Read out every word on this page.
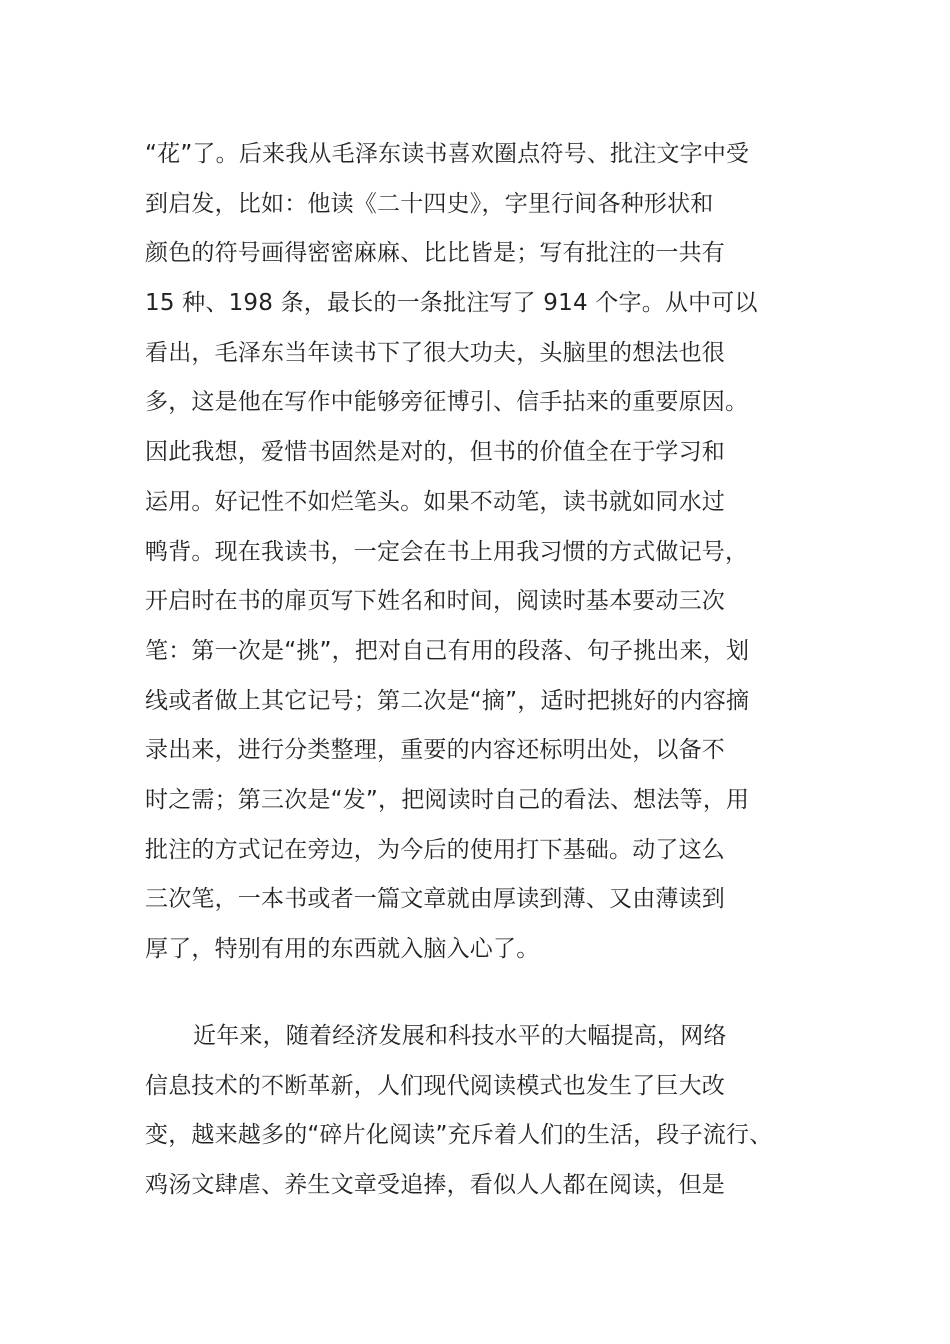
“花”了。后来我从毛泽东读书喜欢圈点符号、批注文字中受
到启发，比如：他读《二十四史》，字里行间各种形状和
颜色的符号画得密密麻麻、比比皆是；写有批注的一共有
15 种、198 条，最长的一条批注写了 914 个字。从中可以
看出，毛泽东当年读书下了很大功夫，头脑里的想法也很
多，这是他在写作中能够旁征博引、信手拈来的重要原因。
因此我想，爱惜书固然是对的，但书的价值全在于学习和
运用。好记性不如烂笔头。如果不动笔，读书就如同水过
鸭背。现在我读书，一定会在书上用我习惯的方式做记号，
开启时在书的扉页写下姓名和时间，阅读时基本要动三次
笔：第一次是“挑”，把对自己有用的段落、句子挑出来，划
线或者做上其它记号；第二次是“摘”，适时把挑好的内容摘
录出来，进行分类整理，重要的内容还标明出处，以备不
时之需；第三次是“发”，把阅读时自己的看法、想法等，用
批注的方式记在旁边，为今后的使用打下基础。动了这么
三次笔，一本书或者一篇文章就由厚读到薄、又由薄读到
厚了，特别有用的东西就入脑入心了。
近年来，随着经济发展和科技水平的大幅提高，网络
信息技术的不断革新，人们现代阅读模式也发生了巨大改
变，越来越多的“碎片化阅读”充斥着人们的生活，段子流行、
鸡汤文肆虐、养生文章受追捧，看似人人都在阅读，但是
